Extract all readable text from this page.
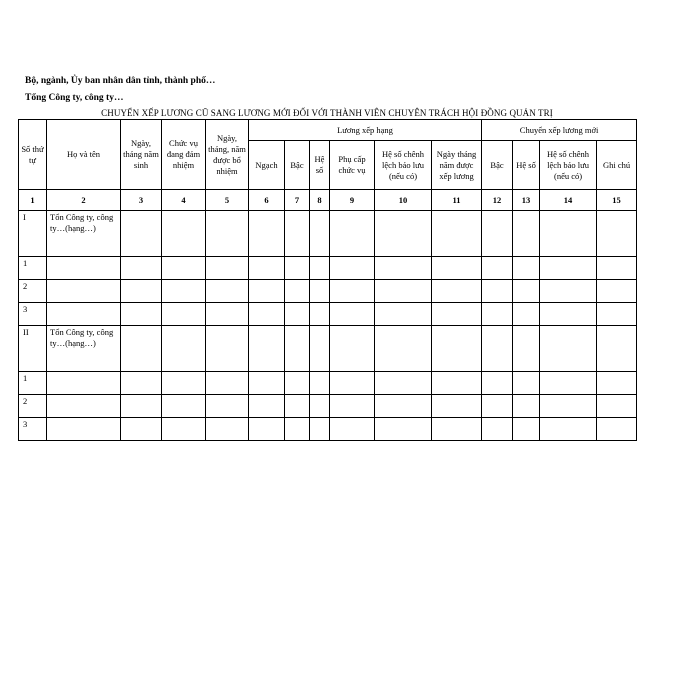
Bộ, ngành, Ủy ban nhân dân tỉnh, thành phố…
Tổng Công ty, công ty…
CHUYỂN XẾP LƯƠNG CŨ SANG LƯƠNG MỚI ĐỐI VỚI THÀNH VIÊN CHUYÊN TRÁCH HỘI ĐỒNG QUẢN TRỊ
Số thứ tự	Họ và tên	Ngày, tháng năm sinh	Chức vụ đang đảm nhiệm	Ngày, tháng, năm được bổ nhiệm	Lương xếp hạng						Chuyển xếp lương mới			
					Ngạch	Bậc	Hệ số	Phụ cấp chức vụ	Hệ số chênh lệch bảo lưu (nếu có)	Ngày tháng năm được xếp lương	Bậc	Hệ số	Hệ số chênh lệch bảo lưu (nếu có)	Ghi chú
1	2	3	4	5	6	7	8	9	10	11	12	13	14	15
I	Tổn Công ty, công ty…(hạng…)													
1														
2														
3														
II	Tổn Công ty, công ty…(hạng…)													
1														
2														
3														
